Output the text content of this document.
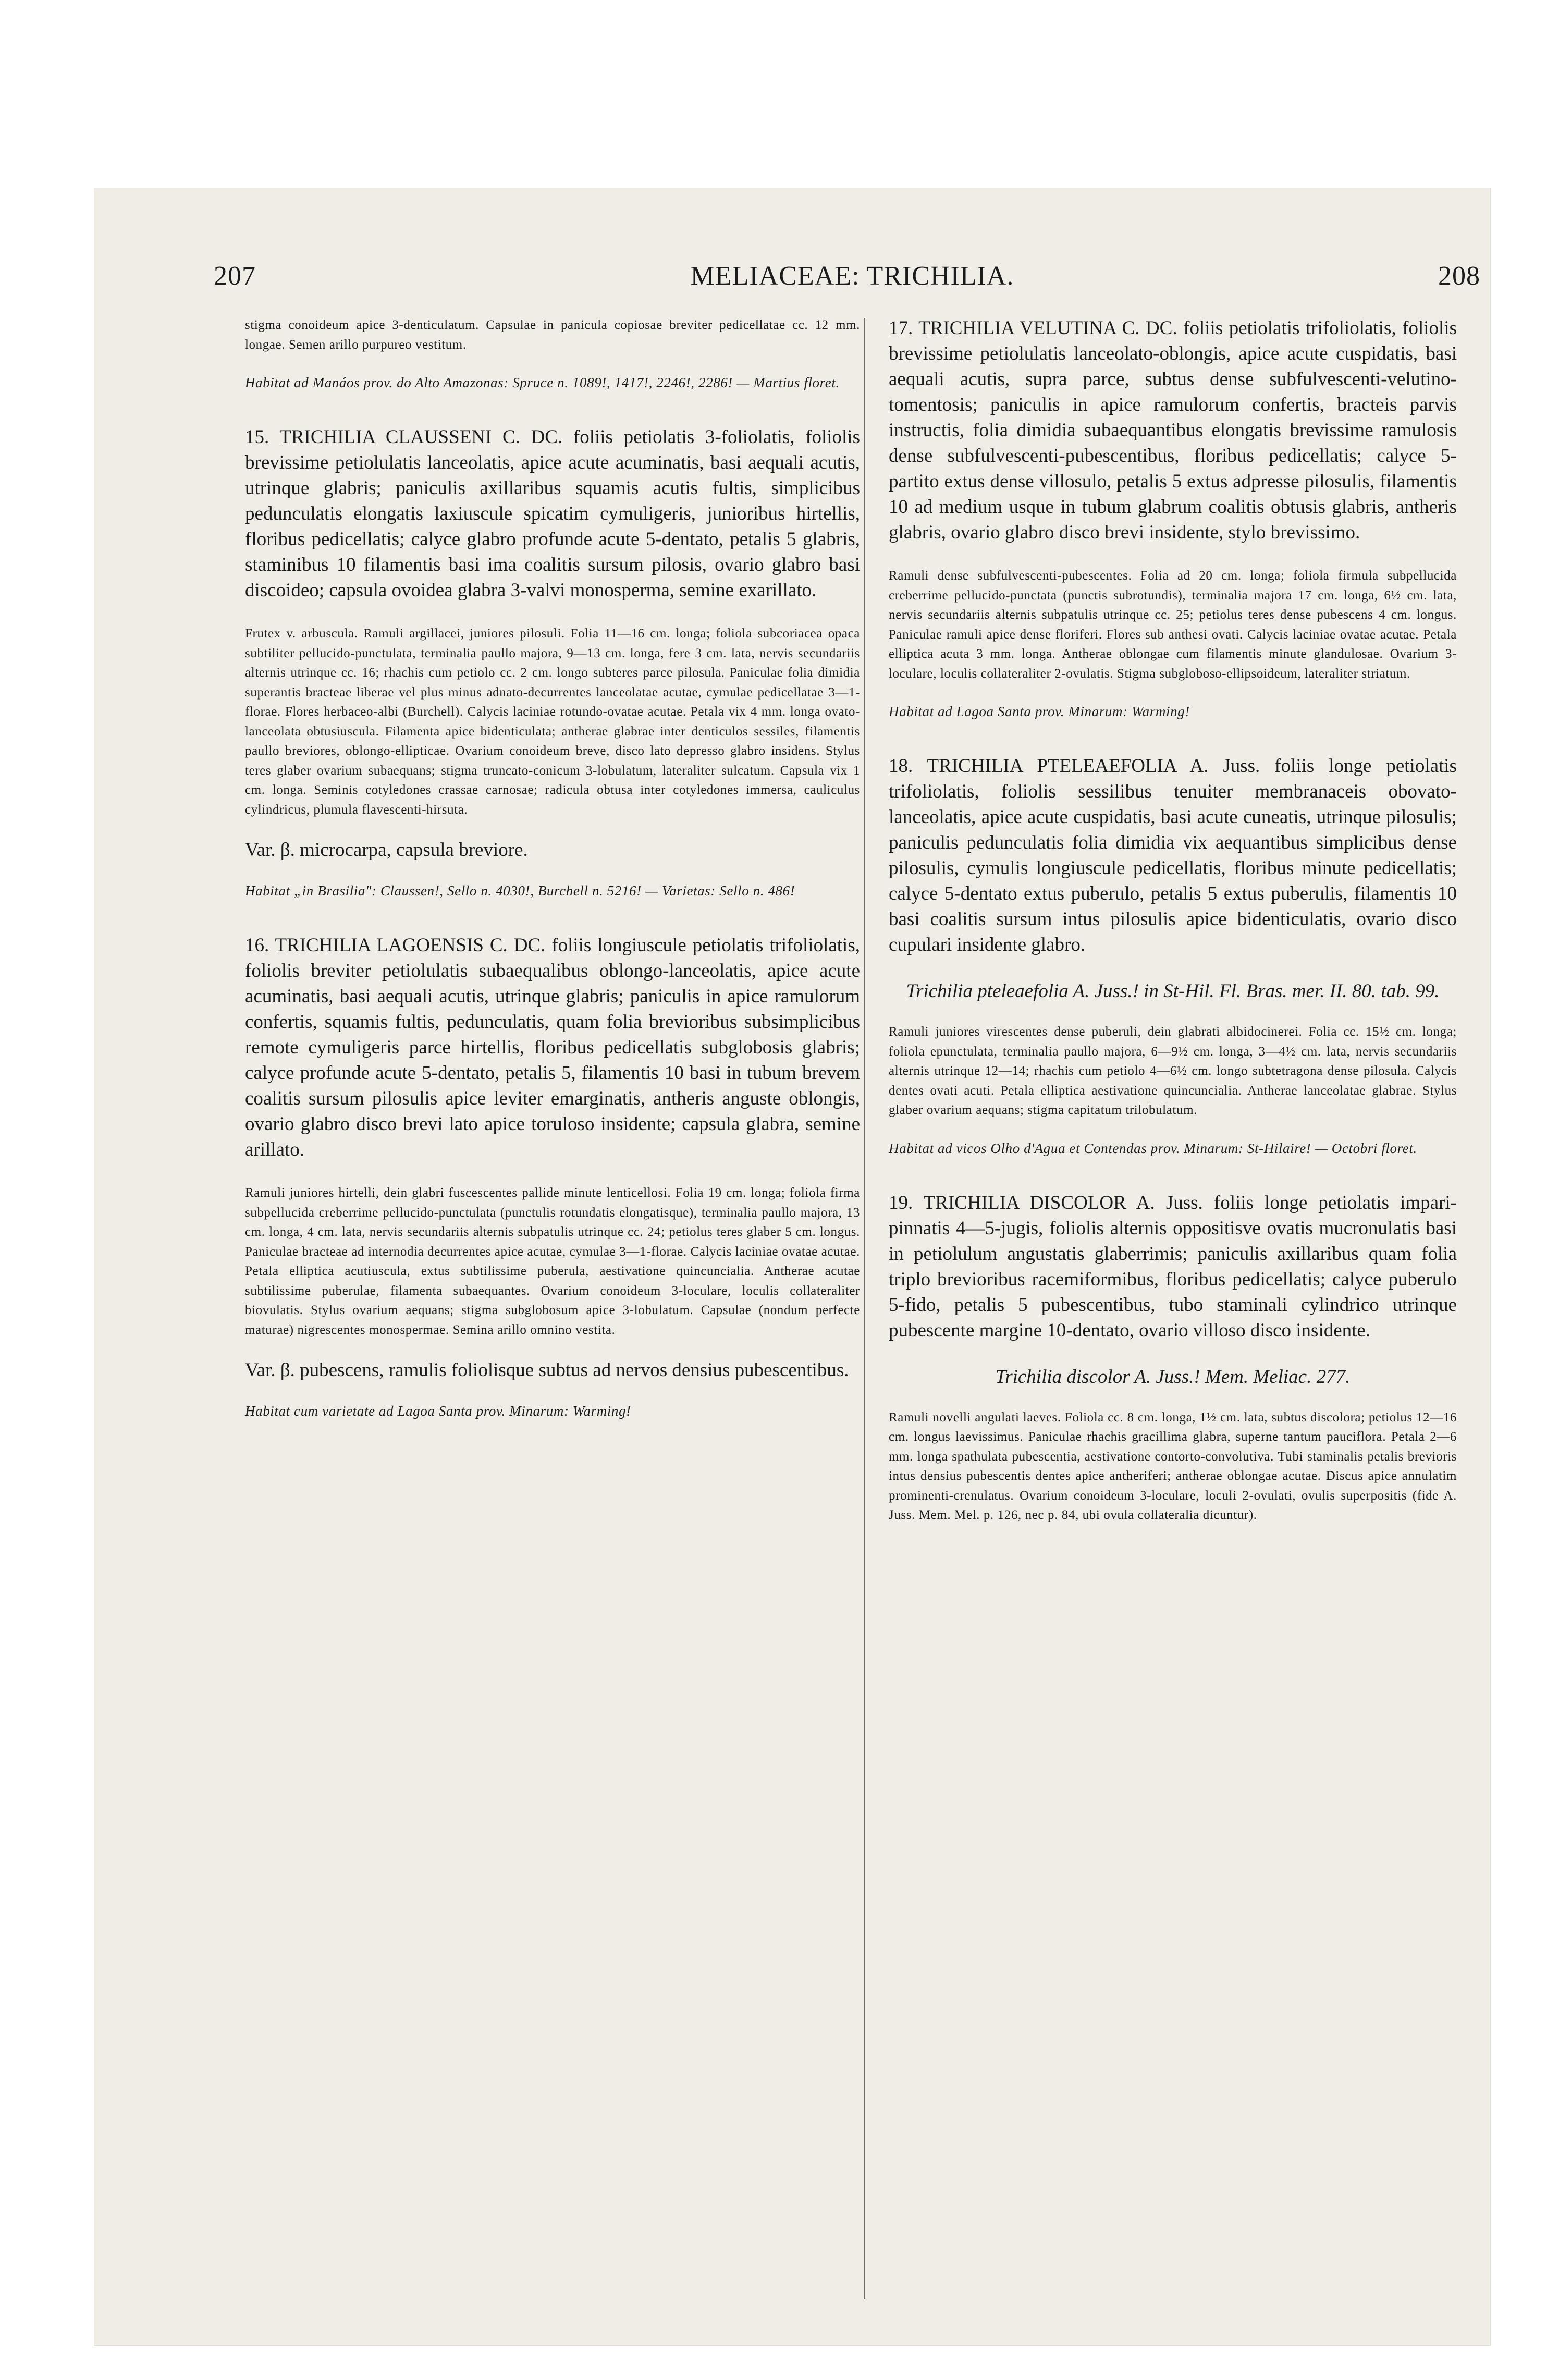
207	MELIACEAE: TRICHILIA.	208

stigma conoideum apice 3-denticulatum. Capsulae in panicula copiosae breviter pedicellatae cc. 12 mm. longae. Semen arillo purpureo vestitum.

Habitat ad Manáos prov. do Alto Amazonas: Spruce n. 1089!, 1417!, 2246!, 2286! — Martius floret.

15. TRICHILIA CLAUSSENI C. DC. foliis petiolatis 3-foliolatis, foliolis brevissime petiolulatis lanceolatis, apice acute acuminatis, basi aequali acutis, utrinque glabris; paniculis axillaribus squamis acutis fultis, simplicibus pedunculatis elongatis laxiuscule spicatim cymuligeris, junioribus hirtellis, floribus pedicellatis; calyce glabro profunde acute 5-dentato, petalis 5 glabris, staminibus 10 filamentis basi ima coalitis sursum pilosis, ovario glabro basi discoideo; capsula ovoidea glabra 3-valvi monosperma, semine exarillato.

Frutex v. arbuscula. Ramuli argillacei, juniores pilosuli. Folia 11—16 cm. longa; foliola subcoriacea opaca subtiliter pellucido-punctulata, terminalia paullo majora, 9—13 cm. longa, fere 3 cm. lata, nervis secundariis alternis utrinque cc. 16; rhachis cum petiolo cc. 2 cm. longo subteres parce pilosula. Paniculae folia dimidia superantis bracteae liberae vel plus minus adnato-decurrentes lanceolatae acutae, cymulae pedicellatae 3—1-florae. Flores herbaceo-albi (Burchell). Calycis laciniae rotundo-ovatae acutae. Petala vix 4 mm. longa ovato-lanceolata obtusiuscula. Filamenta apice bidenticulata; antherae glabrae inter denticulos sessiles, filamentis paullo breviores, oblongo-ellipticae. Ovarium conoideum breve, disco lato depresso glabro insidens. Stylus teres glaber ovarium subaequans; stigma truncato-conicum 3-lobulatum, lateraliter sulcatum. Capsula vix 1 cm. longa. Seminis cotyledones crassae carnosae; radicula obtusa inter cotyledones immersa, cauliculus cylindricus, plumula flavescenti-hirsuta.

Var. β. microcarpa, capsula breviore.

Habitat „in Brasilia": Claussen!, Sello n. 4030!, Burchell n. 5216! — Varietas: Sello n. 486!

16. TRICHILIA LAGOENSIS C. DC. foliis longiuscule petiolatis trifoliolatis, foliolis breviter petiolulatis subaequalibus oblongo-lanceolatis, apice acute acuminatis, basi aequali acutis, utrinque glabris; paniculis in apice ramulorum confertis, squamis fultis, pedunculatis, quam folia brevioribus subsimplicibus remote cymuligeris parce hirtellis, floribus pedicellatis subglobosis glabris; calyce profunde acute 5-dentato, petalis 5, filamentis 10 basi in tubum brevem coalitis sursum pilosulis apice leviter emarginatis, antheris anguste oblongis, ovario glabro disco brevi lato apice toruloso insidente; capsula glabra, semine arillato.

Ramuli juniores hirtelli, dein glabri fuscescentes pallide minute lenticellosi. Folia 19 cm. longa; foliola firma subpellucida creberrime pellucido-punctulata (punctulis rotundatis elongatisque), terminalia paullo majora, 13 cm. longa, 4 cm. lata, nervis secundariis alternis subpatulis utrinque cc. 24; petiolus teres glaber 5 cm. longus. Paniculae bracteae ad internodia decurrentes apice acutae, cymulae 3—1-florae. Calycis laciniae ovatae acutae. Petala elliptica acutiuscula, extus subtilissime puberula, aestivatione quincuncialia. Antherae acutae subtilissime puberulae, filamenta subaequantes. Ovarium conoideum 3-loculare, loculis collateraliter biovulatis. Stylus ovarium aequans; stigma subglobosum apice 3-lobulatum. Capsulae (nondum perfecte maturae) nigrescentes monospermae. Semina arillo omnino vestita.

Var. β. pubescens, ramulis foliolisque subtus ad nervos densius pubescentibus.

Habitat cum varietate ad Lagoa Santa prov. Minarum: Warming!

17. TRICHILIA VELUTINA C. DC. foliis petiolatis trifoliolatis, foliolis brevissime petiolulatis lanceolato-oblongis, apice acute cuspidatis, basi aequali acutis, supra parce, subtus dense subfulvescenti-velutino-tomentosis; paniculis in apice ramulorum confertis, bracteis parvis instructis, folia dimidia subaequantibus elongatis brevissime ramulosis dense subfulvescenti-pubescentibus, floribus pedicellatis; calyce 5-partito extus dense villosulo, petalis 5 extus adpresse pilosulis, filamentis 10 ad medium usque in tubum glabrum coalitis obtusis glabris, antheris glabris, ovario glabro disco brevi insidente, stylo brevissimo.

Ramuli dense subfulvescenti-pubescentes. Folia ad 20 cm. longa; foliola firmula subpellucida creberrime pellucido-punctata (punctis subrotundis), terminalia majora 17 cm. longa, 6½ cm. lata, nervis secundariis alternis subpatulis utrinque cc. 25; petiolus teres dense pubescens 4 cm. longus. Paniculae ramuli apice dense floriferi. Flores sub anthesi ovati. Calycis laciniae ovatae acutae. Petala elliptica acuta 3 mm. longa. Antherae oblongae cum filamentis minute glandulosae. Ovarium 3-loculare, loculis collateraliter 2-ovulatis. Stigma subgloboso-ellipsoideum, lateraliter striatum.

Habitat ad Lagoa Santa prov. Minarum: Warming!

18. TRICHILIA PTELEAEFOLIA A. Juss. foliis longe petiolatis trifoliolatis, foliolis sessilibus tenuiter membranaceis obovato-lanceolatis, apice acute cuspidatis, basi acute cuneatis, utrinque pilosulis; paniculis pedunculatis folia dimidia vix aequantibus simplicibus dense pilosulis, cymulis longiuscule pedicellatis, floribus minute pedicellatis; calyce 5-dentato extus puberulo, petalis 5 extus puberulis, filamentis 10 basi coalitis sursum intus pilosulis apice bidenticulatis, ovario disco cupulari insidente glabro.

Trichilia pteleaefolia A. Juss.! in St-Hil. Fl. Bras. mer. II. 80. tab. 99.

Ramuli juniores virescentes dense puberuli, dein glabrati albidocinerei. Folia cc. 15½ cm. longa; foliola epunctulata, terminalia paullo majora, 6—9½ cm. longa, 3—4½ cm. lata, nervis secundariis alternis utrinque 12—14; rhachis cum petiolo 4—6½ cm. longo subtetragona dense pilosula. Calycis dentes ovati acuti. Petala elliptica aestivatione quincuncialia. Antherae lanceolatae glabrae. Stylus glaber ovarium aequans; stigma capitatum trilobulatum.

Habitat ad vicos Olho d'Agua et Contendas prov. Minarum: St-Hilaire! — Octobri floret.

19. TRICHILIA DISCOLOR A. Juss. foliis longe petiolatis impari-pinnatis 4—5-jugis, foliolis alternis oppositisve ovatis mucronulatis basi in petiolulum angustatis glaberrimis; paniculis axillaribus quam folia triplo brevioribus racemiformibus, floribus pedicellatis; calyce puberulo 5-fido, petalis 5 pubescentibus, tubo staminali cylindrico utrinque pubescente margine 10-dentato, ovario villoso disco insidente.

Trichilia discolor A. Juss.! Mem. Meliac. 277.

Ramuli novelli angulati laeves. Foliola cc. 8 cm. longa, 1½ cm. lata, subtus discolora; petiolus 12—16 cm. longus laevissimus. Paniculae rhachis gracillima glabra, superne tantum pauciflora. Petala 2—6 mm. longa spathulata pubescentia, aestivatione contorto-convolutiva. Tubi staminalis petalis brevioris intus densius pubescentis dentes apice antheriferi; antherae oblongae acutae. Discus apice annulatim prominenti-crenulatus. Ovarium conoideum 3-loculare, loculi 2-ovulati, ovulis superpositis (fide A. Juss. Mem. Mel. p. 126, nec p. 84, ubi ovula collateralia dicuntur).
